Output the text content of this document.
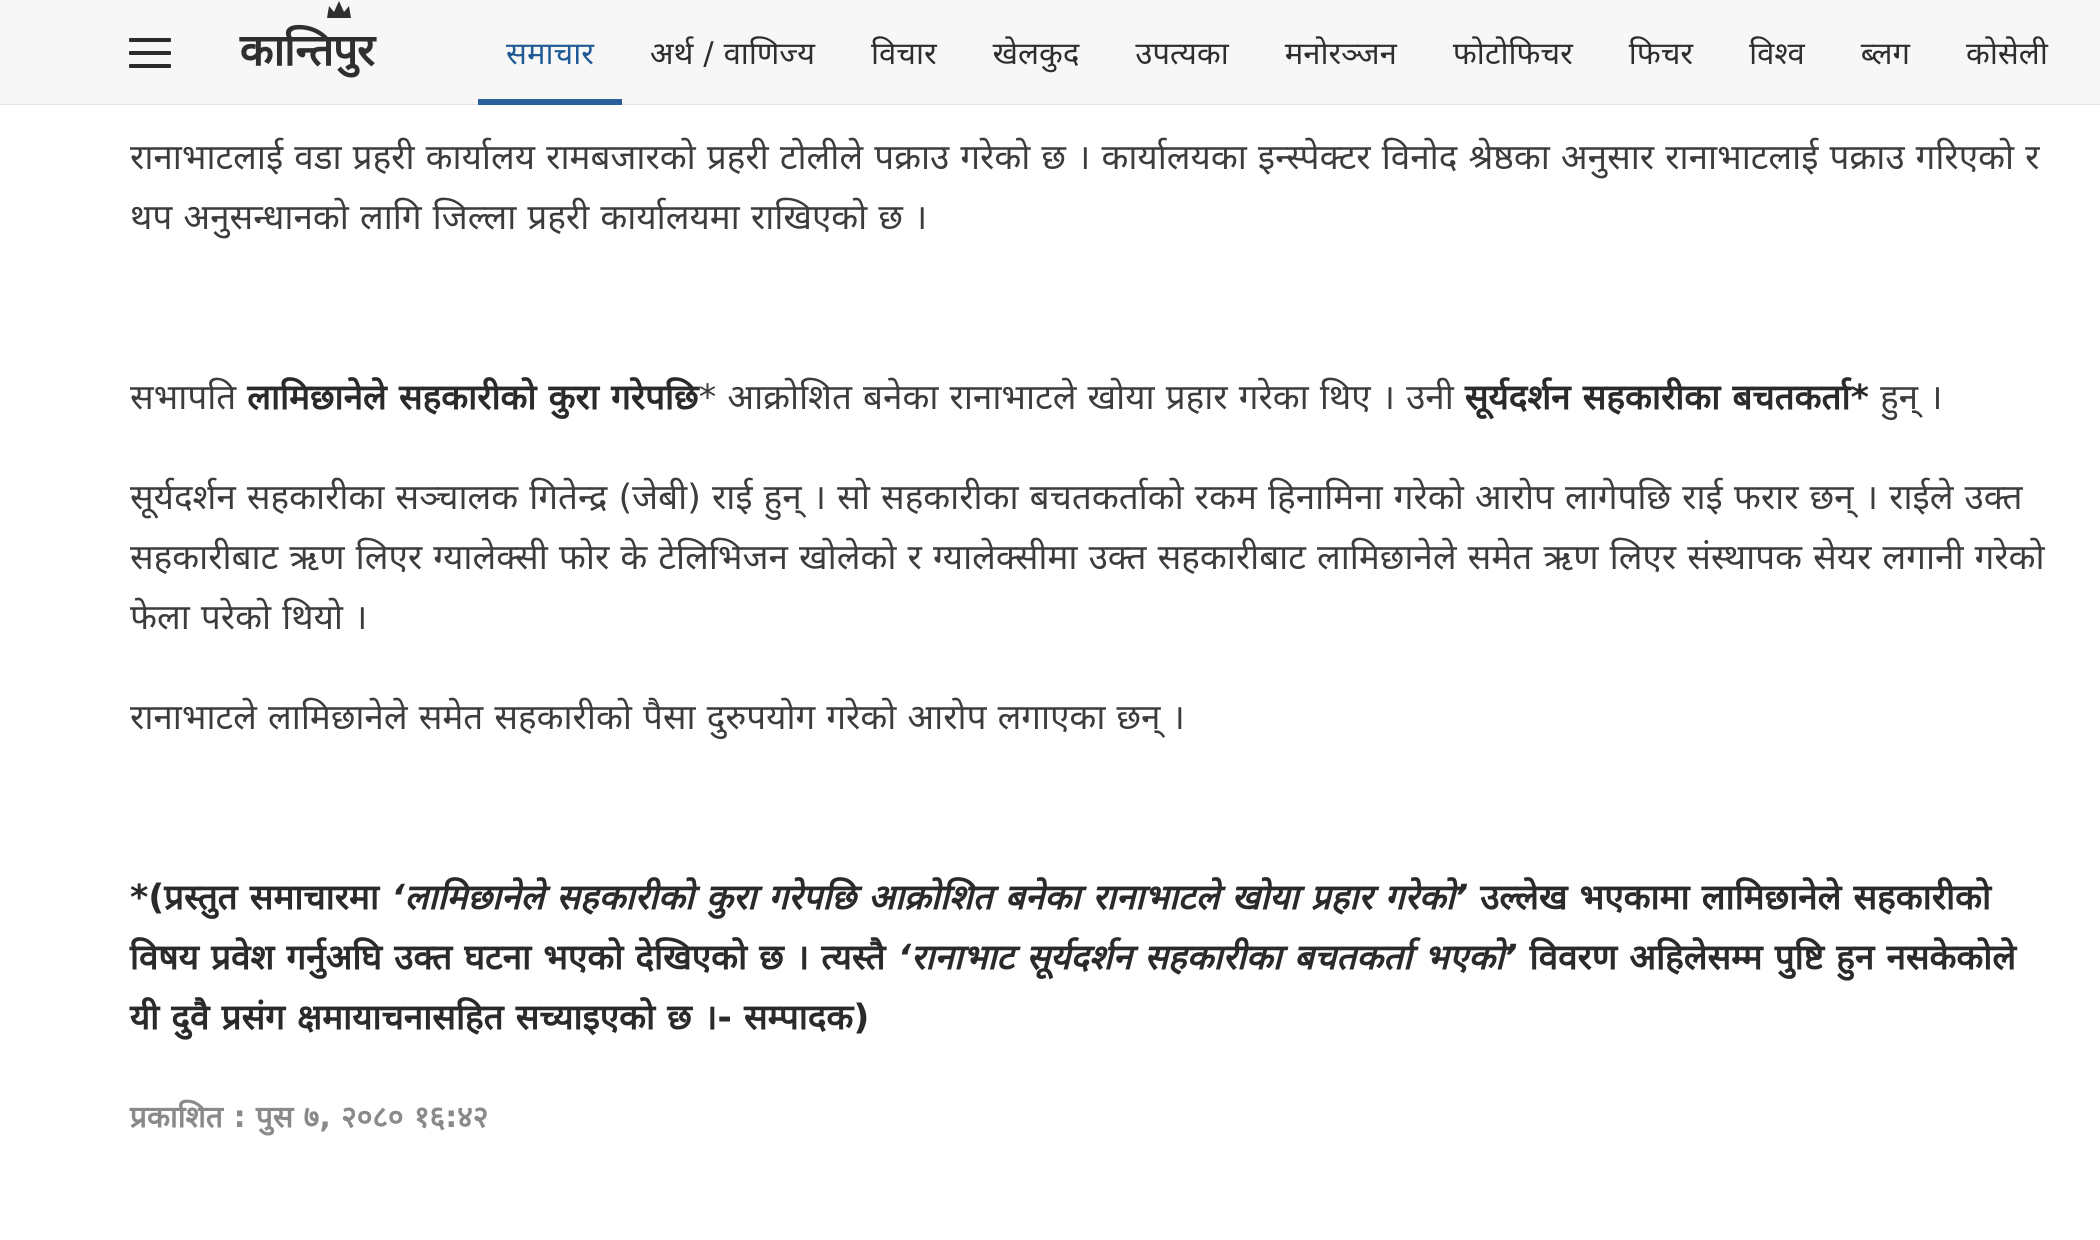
कान्तिपुर	समाचार	अर्थ / वाणिज्य	विचार	खेलकुद	उपत्यका	मनोरञ्जन	फोटोफिचर	फिचर	विश्व	ब्लग	कोसेली

रानाभाटलाई वडा प्रहरी कार्यालय रामबजारको प्रहरी टोलीले पक्राउ गरेको छ । कार्यालयका इन्स्पेक्टर विनोद श्रेष्ठका अनुसार रानाभाटलाई पक्राउ गरिएको र थप अनुसन्धानको लागि जिल्ला प्रहरी कार्यालयमा राखिएको छ ।

सभापति लामिछानेले सहकारीको कुरा गरेपछि* आक्रोशित बनेका रानाभाटले खोया प्रहार गरेका थिए । उनी सूर्यदर्शन सहकारीका बचतकर्ता* हुन् ।

सूर्यदर्शन सहकारीका सञ्चालक गितेन्द्र (जेबी) राई हुन् । सो सहकारीका बचतकर्ताको रकम हिनामिना गरेको आरोप लागेपछि राई फरार छन् । राईले उक्त सहकारीबाट ऋण लिएर ग्यालेक्सी फोर के टेलिभिजन खोलेको र ग्यालेक्सीमा उक्त सहकारीबाट लामिछानेले समेत ऋण लिएर संस्थापक सेयर लगानी गरेको फेला परेको थियो ।

रानाभाटले लामिछानेले समेत सहकारीको पैसा दुरुपयोग गरेको आरोप लगाएका छन् ।

*(प्रस्तुत समाचारमा ‘लामिछानेले सहकारीको कुरा गरेपछि आक्रोशित बनेका रानाभाटले खोया प्रहार गरेको’ उल्लेख भएकामा लामिछानेले सहकारीको विषय प्रवेश गर्नुअघि उक्त घटना भएको देखिएको छ । त्यस्तै ‘रानाभाट सूर्यदर्शन सहकारीका बचतकर्ता भएको’ विवरण अहिलेसम्म पुष्टि हुन नसकेकोले यी दुवै प्रसंग क्षमायाचनासहित सच्याइएको छ ।- सम्पादक)

प्रकाशित : पुस ७, २०८० १६:४२
